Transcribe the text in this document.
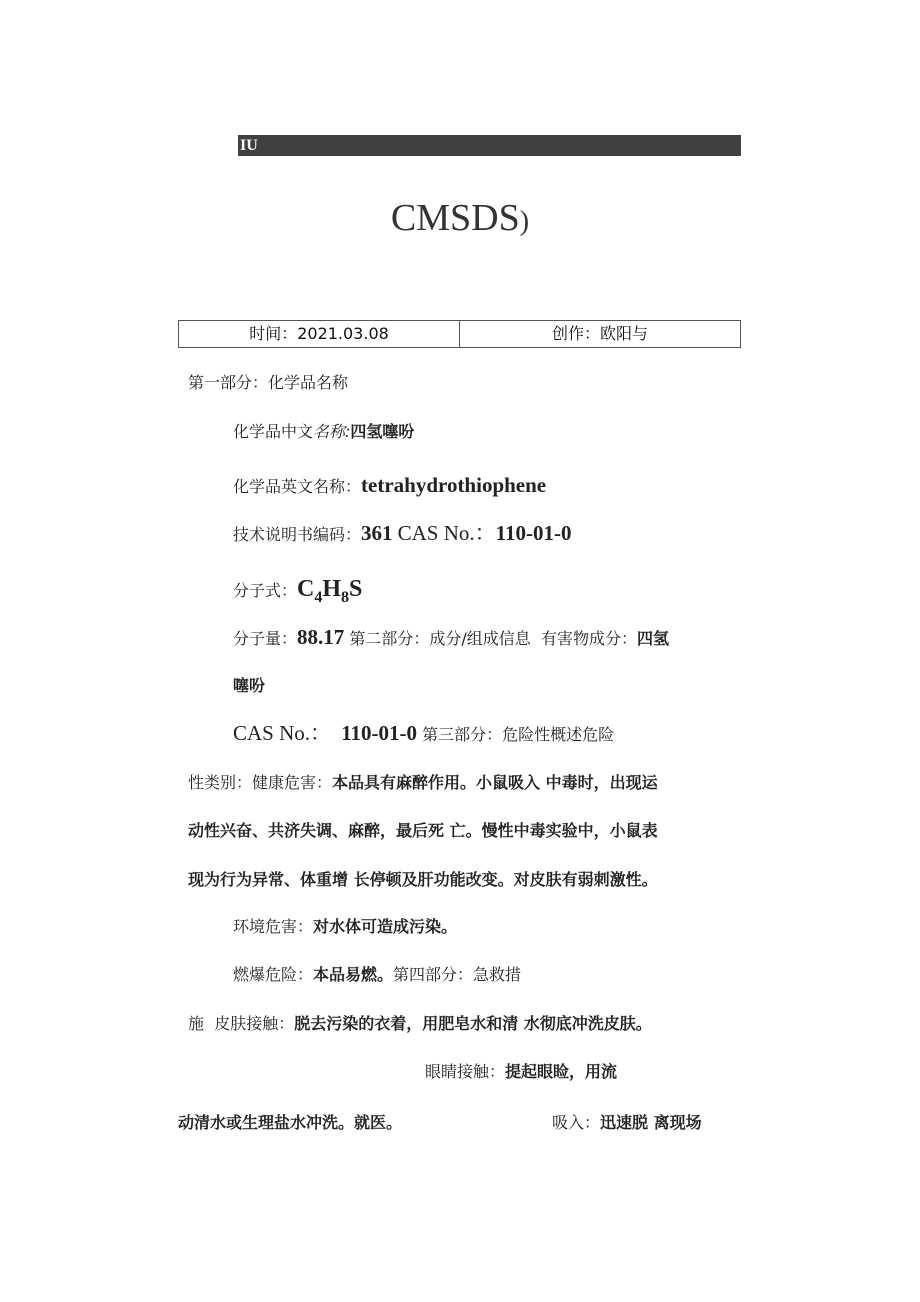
IU
CMSDS)
时间：2021.03.08	创作：欧阳与
第一部分：化学品名称
化学品中文名称:四氢噻吩
化学品英文名称：tetrahydrothiophene
技术说明书编码：361 CAS No.：110-01-0
分子式：$C_4H_8S$
分子量：88.17 第二部分：成分/组成信息 有害物成分：四氢
噻吩
CAS No.： 110-01-0 第三部分：危险性概述危险
性类别：健康危害：本品具有麻醉作用。小鼠吸入 中毒时，出现运
动性兴奋、共济失调、麻醉，最后死 亡。慢性中毒实验中，小鼠表
现为行为异常、体重增 长停顿及肝功能改变。对皮肤有弱刺激性。
环境危害：对水体可造成污染。
燃爆危险：本品易燃。第四部分：急救措
施 皮肤接触：脱去污染的衣着，用肥皂水和清 水彻底冲洗皮肤。
眼睛接触：提起眼睑，用流
动清水或生理盐水冲洗。就医。	吸入：迅速脱 离现场
